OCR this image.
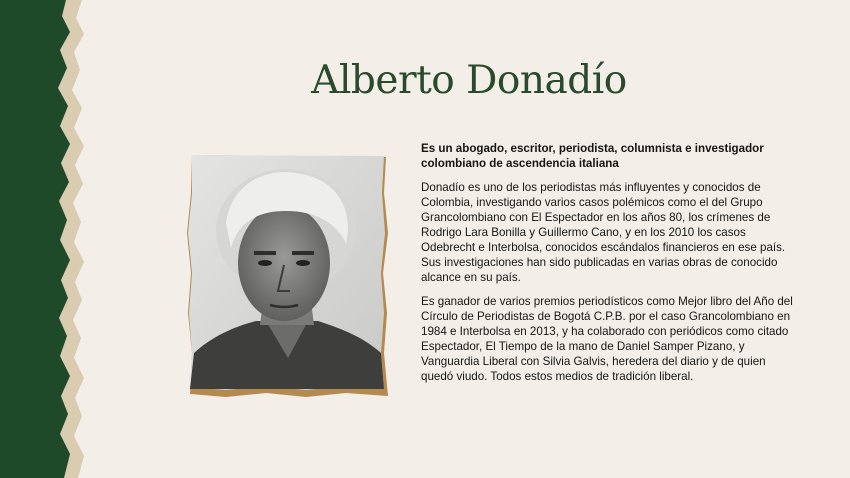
Alberto Donadío

Es un abogado, escritor, periodista, columnista e investigador colombiano de ascendencia italiana

Donadío es uno de los periodistas más influyentes y conocidos de Colombia, investigando varios casos polémicos como el del Grupo Grancolombiano con El Espectador en los años 80, los crímenes de Rodrigo Lara Bonilla y Guillermo Cano, y en los 2010 los casos Odebrecht e Interbolsa, conocidos escándalos financieros en ese país. Sus investigaciones han sido publicadas en varias obras de conocido alcance en su país.

Es ganador de varios premios periodísticos como Mejor libro del Año del Círculo de Periodistas de Bogotá C.P.B. por el caso Grancolombiano en 1984 e Interbolsa en 2013, y ha colaborado con periódicos como citado Espectador, El Tiempo de la mano de Daniel Samper Pizano, y Vanguardia Liberal con Silvia Galvis, heredera del diario y de quien quedó viudo. Todos estos medios de tradición liberal.
